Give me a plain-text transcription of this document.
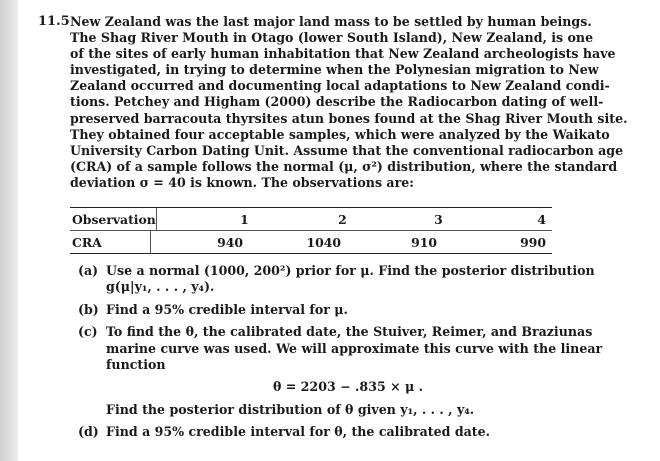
11.5 New Zealand was the last major land mass to be settled by human beings.
The Shag River Mouth in Otago (lower South Island), New Zealand, is one
of the sites of early human inhabitation that New Zealand archeologists have
investigated, in trying to determine when the Polynesian migration to New
Zealand occurred and documenting local adaptations to New Zealand condi-
tions. Petchey and Higham (2000) describe the Radiocarbon dating of well-
preserved barracouta thyrsites atun bones found at the Shag River Mouth site.
They obtained four acceptable samples, which were analyzed by the Waikato
University Carbon Dating Unit. Assume that the conventional radiocarbon age
(CRA) of a sample follows the normal (μ, σ²) distribution, where the standard
deviation σ = 40 is known. The observations are:
Observation	1	2	3	4
CRA	940	1040	910	990
(a) Use a normal (1000, 200²) prior for μ. Find the posterior distribution
g(μ|y₁, . . . , y₄).
(b) Find a 95% credible interval for μ.
(c) To find the θ, the calibrated date, the Stuiver, Reimer, and Braziunas
marine curve was used. We will approximate this curve with the linear
function
θ = 2203 − .835 × μ .
Find the posterior distribution of θ given y₁, . . . , y₄.
(d) Find a 95% credible interval for θ, the calibrated date.
